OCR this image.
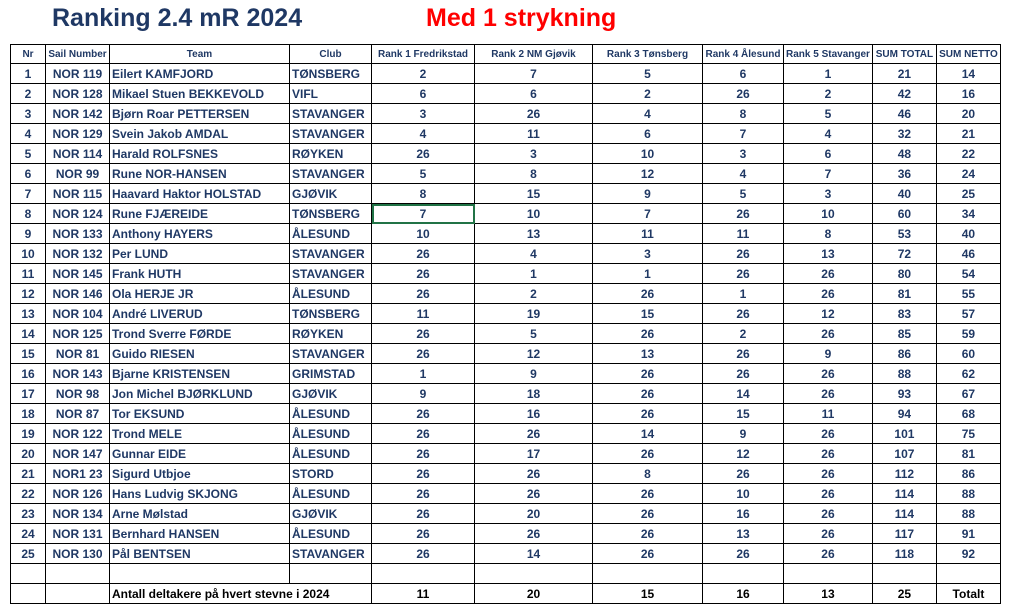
Ranking 2.4 mR 2024	Med 1 strykning
Nr	Sail Number	Team	Club	Rank 1 Fredrikstad	Rank 2 NM Gjøvik	Rank 3 Tønsberg	Rank 4 Ålesund	Rank 5 Stavanger	SUM TOTAL	SUM NETTO
1	NOR 119	Eilert KAMFJORD	TØNSBERG	2	7	5	6	1	21	14
2	NOR 128	Mikael Stuen BEKKEVOLD	VIFL	6	6	2	26	2	42	16
3	NOR 142	Bjørn Roar PETTERSEN	STAVANGER	3	26	4	8	5	46	20
4	NOR 129	Svein Jakob AMDAL	STAVANGER	4	11	6	7	4	32	21
5	NOR 114	Harald ROLFSNES	RØYKEN	26	3	10	3	6	48	22
6	NOR 99	Rune NOR-HANSEN	STAVANGER	5	8	12	4	7	36	24
7	NOR 115	Haavard Haktor HOLSTAD	GJØVIK	8	15	9	5	3	40	25
8	NOR 124	Rune FJÆREIDE	TØNSBERG	7	10	7	26	10	60	34
9	NOR 133	Anthony HAYERS	ÅLESUND	10	13	11	11	8	53	40
10	NOR 132	Per LUND	STAVANGER	26	4	3	26	13	72	46
11	NOR 145	Frank HUTH	STAVANGER	26	1	1	26	26	80	54
12	NOR 146	Ola HERJE JR	ÅLESUND	26	2	26	1	26	81	55
13	NOR 104	André LIVERUD	TØNSBERG	11	19	15	26	12	83	57
14	NOR 125	Trond Sverre FØRDE	RØYKEN	26	5	26	2	26	85	59
15	NOR 81	Guido RIESEN	STAVANGER	26	12	13	26	9	86	60
16	NOR 143	Bjarne KRISTENSEN	GRIMSTAD	1	9	26	26	26	88	62
17	NOR 98	Jon Michel BJØRKLUND	GJØVIK	9	18	26	14	26	93	67
18	NOR 87	Tor EKSUND	ÅLESUND	26	16	26	15	11	94	68
19	NOR 122	Trond MELE	ÅLESUND	26	26	14	9	26	101	75
20	NOR 147	Gunnar EIDE	ÅLESUND	26	17	26	12	26	107	81
21	NOR1 23	Sigurd Utbjoe	STORD	26	26	8	26	26	112	86
22	NOR 126	Hans Ludvig SKJONG	ÅLESUND	26	26	26	10	26	114	88
23	NOR 134	Arne Mølstad	GJØVIK	26	20	26	16	26	114	88
24	NOR 131	Bernhard HANSEN	ÅLESUND	26	26	26	13	26	117	91
25	NOR 130	Pål BENTSEN	STAVANGER	26	14	26	26	26	118	92

		Antall deltakere på hvert stevne i 2024		11	20	15	16	13	25	Totalt
